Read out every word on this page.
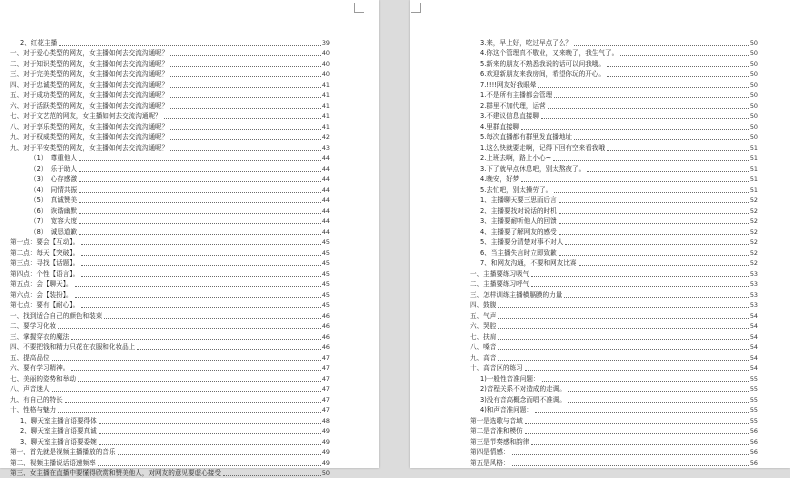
2、红花主播	39
一、对于爱心类型的网友，女主播如何去交流沟通呢？	40
二、对于知识类型的网友，女主播如何去交流沟通呢？	40
三、对于完美类型的网友，女主播如何去交流沟通呢？	40
四、对于忠诚类型的网友，女主播如何去交流沟通呢？	41
五、对于成功类型的网友，女主播如何去交流沟通呢？	41
六、对于活跃类型的网友，女主播如何去交流沟通呢？	41
七、对于文艺范的网友，女主播如何去交流沟通呢？	41
八、对于享乐类型的网友，女主播如何去交流沟通呢？	41
九、对于权威类型的网友，女主播如何去交流沟通呢？	42
九、对于平安类型的网友，女主播如何去交流沟通呢？	43
（1）　尊重他人	44
（2）　乐于助人	44
（3）　心存感激	44
（4）　同情共振	44
（5）　真诚赞美	44
（6）　诙谐幽默	44
（7）　宽容大度	44
（8）　诚恳道歉	44
第一点：要会【互动】。	45
第二点：每天【突破】。	45
第三点：寻找【话题】。	45
第四点：个性【语言】。	45
第五点：会【聊天】。	45
第六点：会【装扮】。	45
第七点：要有【耐心】。	45
一、找到适合自己的颜色和装束	46
二、要学习化妆	46
三、掌握穿衣的魔法	46
四、不要把钱和精力只花在衣服和化妆品上	46
五、提高品位	47
六、要有学习精神。	47
七、美丽的姿势和举动	47
八、声音迷人	47
九、有自己的特长	47
十、性格与魅力	47
1、聊天室主播言语要得体	48
2、聊天室主播言语要真诚	49
3、聊天室主播言语要委婉	49
第一、首先就是视频主播播放的音乐	49
第二、视频主播说话语速频率	49
第三、女主播在直播中要懂得欣赏和赞美他人，对网友的意见要虚心接受	50
3.来，早上好，吃过早点了么？	50
4.你这个管理真不敬业，又来晚了，我生气了。	50
5.新来的朋友不熟悉我说的话可以问我哦。	50
6.欢迎新朋友来我房间，希望你玩的开心。	50
7.!!!!网友好我眼晕	50
1.不是所有主播都会管理	50
2.群里不加代理，运营	50
3.不建议信息直接聊	50
4.里群直接聊	50
5.每次直播都有群里发直播地址	50
1.这么快就要走啊，记得下回有空来看我哦	51
2.上班去啊，路上小心~	51
3.下了就早点休息吧，别太熬夜了。	51
4.晚安，好梦	51
5.去忙吧，别太操劳了。	51
1、主播聊天要三思而后言	52
2、主播要找对说话的时机	52
3、主播要耐听他人的回馈	52
4、主播要了解网友的感受	52
5、主播要分清楚对事不对人	52
6、当主播失言时立即致歉	52
7、和网友沟通，不要和网友比赛	52
一、主播要练习吸气	53
二、主播要练习呼气	53
三、怎样训练主播横膈膜的力量	53
四、鼓腹	53
五、气声	54
六、哭腔	54
七、扶肩	54
八、嗓音	54
九、高音	54
十、高音区的练习	54
1)一般性音准问题：	55
2)音程关系不对造成的走调。	55
3)没有音高概念而唱不准调。	55
4)和声音准问题：	55
第一是选歌与音域	55
第二是音准和模仿	56
第三是节奏感和韵律	56
第四是情感：	56
第五是风格：	56
